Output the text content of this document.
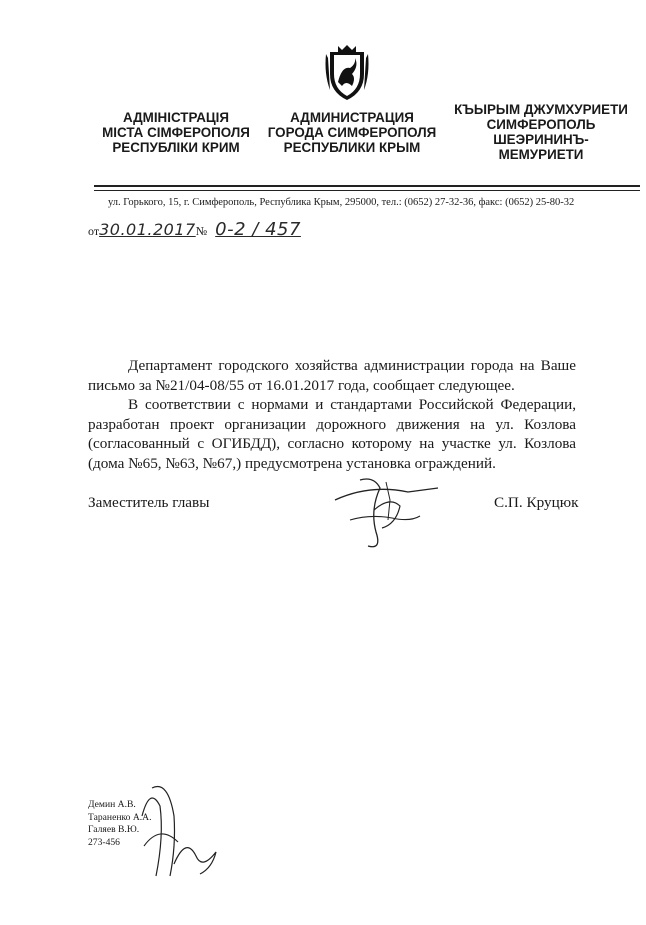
АДМІНІСТРАЦІЯ
МІСТА СІМФЕРОПОЛЯ
РЕСПУБЛІКИ КРИМ
АДМИНИСТРАЦИЯ
ГОРОДА СИМФЕРОПОЛЯ
РЕСПУБЛИКИ КРЫМ
КЪЫРЫМ ДЖУМХУРИЕТИ
СИМФЕРОПОЛЬ
ШЕЭРИНИНЪ-
МЕМУРИЕТИ
ул. Горького, 15, г. Симферополь, Республика Крым, 295000, тел.: (0652) 27-32-36, факс: (0652) 25-80-32
от30.01.2017№ 0-2 / 457

Департамент городского хозяйства администрации города на Ваше письмо за №21/04-08/55 от 16.01.2017 года, сообщает следующее.

В соответствии с нормами и стандартами Российской Федерации, разработан проект организации дорожного движения на ул. Козлова (согласованный с ОГИБДД), согласно которому на участке ул. Козлова (дома №65, №63, №67,) предусмотрена установка ограждений.

Заместитель главы	С.П. Круцюк
Демин А.В.
Тараненко А.А.
Галяев В.Ю.
273-456
